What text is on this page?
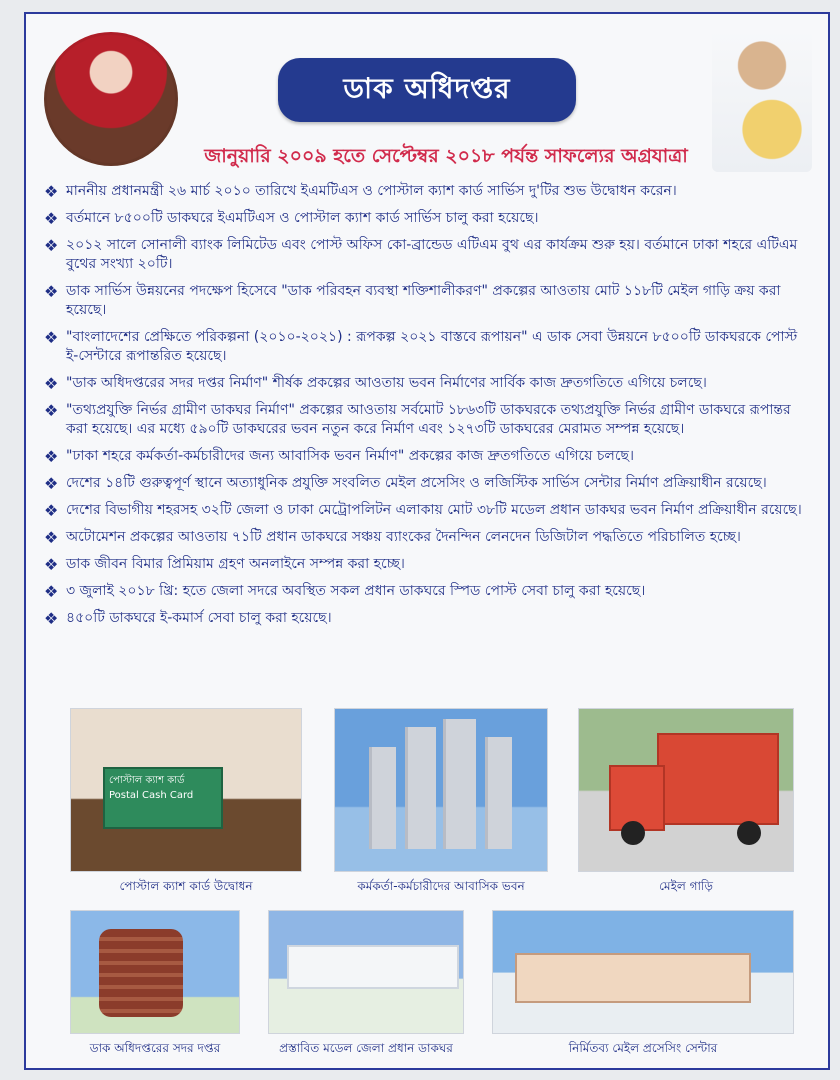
ডাক অধিদপ্তর
জানুয়ারি ২০০৯ হতে সেপ্টেম্বর ২০১৮ পর্যন্ত সাফল্যের অগ্রযাত্রা
❖ মাননীয় প্রধানমন্ত্রী ২৬ মার্চ ২০১০ তারিখে ইএমটিএস ও পোস্টাল ক্যাশ কার্ড সার্ভিস দু'টির শুভ উদ্বোধন করেন।
❖ বর্তমানে ৮৫০০টি ডাকঘরে ইএমটিএস ও পোস্টাল ক্যাশ কার্ড সার্ভিস চালু করা হয়েছে।
❖ ২০১২ সালে সোনালী ব্যাংক লিমিটেড এবং পোস্ট অফিস কো-ব্রান্ডেড এটিএম বুথ এর কার্যক্রম শুরু হয়। বর্তমানে ঢাকা শহরে এটিএম বুথের সংখ্যা ২০টি।
❖ ডাক সার্ভিস উন্নয়নের পদক্ষেপ হিসেবে "ডাক পরিবহন ব্যবস্থা শক্তিশালীকরণ" প্রকল্পের আওতায় মোট ১১৮টি মেইল গাড়ি ক্রয় করা হয়েছে।
❖ "বাংলাদেশের প্রেক্ষিতে পরিকল্পনা (২০১০-২০২১) : রূপকল্প ২০২১ বাস্তবে রূপায়ন" এ ডাক সেবা উন্নয়নে ৮৫০০টি ডাকঘরকে পোস্ট ই-সেন্টারে রূপান্তরিত হয়েছে।
❖ "ডাক অধিদপ্তরের সদর দপ্তর নির্মাণ" শীর্ষক প্রকল্পের আওতায় ভবন নির্মাণের সার্বিক কাজ দ্রুতগতিতে এগিয়ে চলছে।
❖ "তথ্যপ্রযুক্তি নির্ভর গ্রামীণ ডাকঘর নির্মাণ" প্রকল্পের আওতায় সর্বমোট ১৮৬৩টি ডাকঘরকে তথ্যপ্রযুক্তি নির্ভর গ্রামীণ ডাকঘরে রূপান্তর করা হয়েছে। এর মধ্যে ৫৯০টি ডাকঘরের ভবন নতুন করে নির্মাণ এবং ১২৭৩টি ডাকঘরের মেরামত সম্পন্ন হয়েছে।
❖ "ঢাকা শহরে কর্মকর্তা-কর্মচারীদের জন্য আবাসিক ভবন নির্মাণ" প্রকল্পের কাজ দ্রুতগতিতে এগিয়ে চলছে।
❖ দেশের ১৪টি গুরুত্বপূর্ণ স্থানে অত্যাধুনিক প্রযুক্তি সংবলিত মেইল প্রসেসিং ও লজিস্টিক সার্ভিস সেন্টার নির্মাণ প্রক্রিয়াধীন রয়েছে।
❖ দেশের বিভাগীয় শহরসহ ৩২টি জেলা ও ঢাকা মেট্রোপলিটন এলাকায় মোট ৩৮টি মডেল প্রধান ডাকঘর ভবন নির্মাণ প্রক্রিয়াধীন রয়েছে।
❖ অটোমেশন প্রকল্পের আওতায় ৭১টি প্রধান ডাকঘরে সঞ্চয় ব্যাংকের দৈনন্দিন লেনদেন ডিজিটাল পদ্ধতিতে পরিচালিত হচ্ছে।
❖ ডাক জীবন বিমার প্রিমিয়াম গ্রহণ অনলাইনে সম্পন্ন করা হচ্ছে।
❖ ৩ জুলাই ২০১৮ খ্রি: হতে জেলা সদরে অবস্থিত সকল প্রধান ডাকঘরে স্পিড পোস্ট সেবা চালু করা হয়েছে।
❖ ৪৫০টি ডাকঘরে ই-কমার্স সেবা চালু করা হয়েছে।
পোস্টাল ক্যাশ কার্ড
Postal Cash Card
পোস্টাল ক্যাশ কার্ড উদ্বোধন	কর্মকর্তা-কর্মচারীদের আবাসিক ভবন	মেইল গাড়ি
ডাক অধিদপ্তরের সদর দপ্তর	প্রস্তাবিত মডেল জেলা প্রধান ডাকঘর	নির্মিতব্য মেইল প্রসেসিং সেন্টার
